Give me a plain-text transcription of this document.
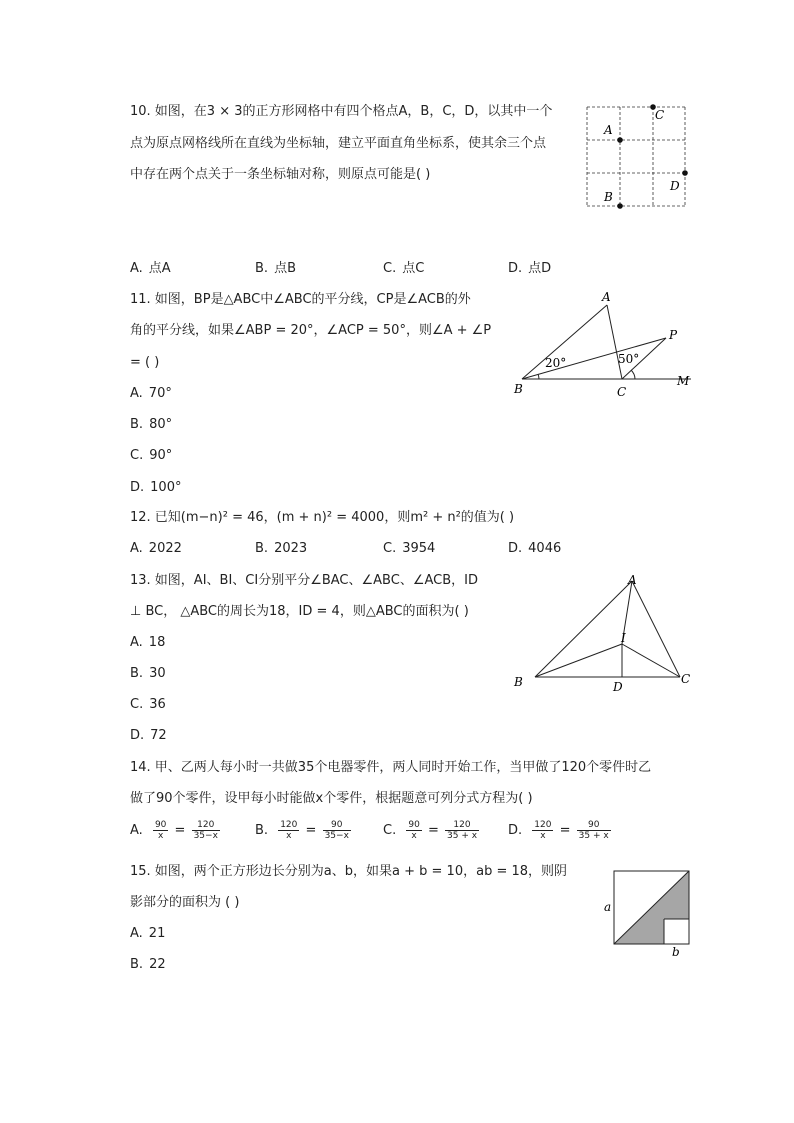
10. 如图，在3 × 3的正方形网格中有四个格点A，B，C，D，以其中一个
点为原点网格线所在直线为坐标轴，建立平面直角坐标系，使其余三个点
中存在两个点关于一条坐标轴对称，则原点可能是( )
A
B
C
D
A. 点A	B. 点B	C. 点C	D. 点D
11. 如图，BP是△ABC中∠ABC的平分线，CP是∠ACB的外
角的平分线，如果∠ABP = 20°，∠ACP = 50°，则∠A + ∠P
= ( )
A
B	C
P
M
20°	50°
A. 70°
B. 80°
C. 90°
D. 100°
12. 已知(m−n)² = 46，(m + n)² = 4000，则m² + n²的值为( )
A. 2022	B. 2023	C. 3954	D. 4046
13. 如图，AI、BI、CI分别平分∠BAC、∠ABC、∠ACB，ID
⊥ BC， △ABC的周长为18，ID = 4，则△ABC的面积为( )
A
B	C
D
I
A. 18
B. 30
C. 36
D. 72
14. 甲、乙两人每小时一共做35个电器零件，两人同时开始工作，当甲做了120个零件时乙
做了90个零件，设甲每小时能做x个零件，根据题意可列分式方程为( )
A. $\frac{90}{x} = \frac{120}{35-x}$	B. $\frac{120}{x} = \frac{90}{35-x} C$. $\frac{90}{x} = \frac{120}{35 + x} D$. $\frac{120}{x} = \frac{90}{35 + x}$
15. 如图，两个正方形边长分别为a、b，如果a + b = 10，ab = 18，则阴
影部分的面积为 ( )	a
b
A. 21
B. 22
